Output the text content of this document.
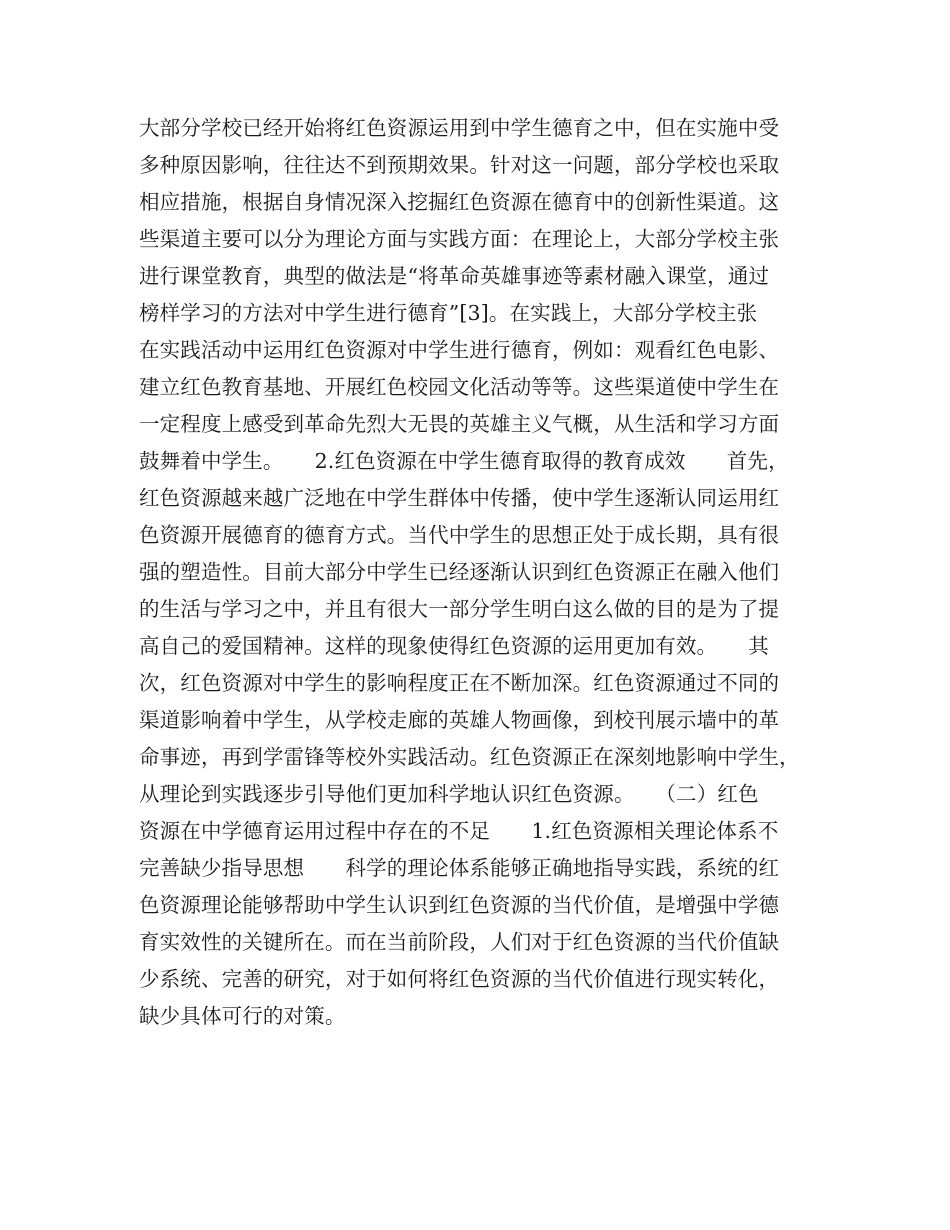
大部分学校已经开始将红色资源运用到中学生德育之中，但在实施中受
多种原因影响，往往达不到预期效果。针对这一问题，部分学校也采取
相应措施，根据自身情况深入挖掘红色资源在德育中的创新性渠道。这
些渠道主要可以分为理论方面与实践方面：在理论上，大部分学校主张
进行课堂教育，典型的做法是“将革命英雄事迹等素材融入课堂，通过
榜样学习的方法对中学生进行德育”[3]。在实践上，大部分学校主张
在实践活动中运用红色资源对中学生进行德育，例如：观看红色电影、
建立红色教育基地、开展红色校园文化活动等等。这些渠道使中学生在
一定程度上感受到革命先烈大无畏的英雄主义气概，从生活和学习方面
鼓舞着中学生。　　2.红色资源在中学生德育取得的教育成效　　首先，
红色资源越来越广泛地在中学生群体中传播，使中学生逐渐认同运用红
色资源开展德育的德育方式。当代中学生的思想正处于成长期，具有很
强的塑造性。目前大部分中学生已经逐渐认识到红色资源正在融入他们
的生活与学习之中，并且有很大一部分学生明白这么做的目的是为了提
高自己的爱国精神。这样的现象使得红色资源的运用更加有效。　　其
次，红色资源对中学生的影响程度正在不断加深。红色资源通过不同的
渠道影响着中学生，从学校走廊的英雄人物画像，到校刊展示墙中的革
命事迹，再到学雷锋等校外实践活动。红色资源正在深刻地影响中学生，
从理论到实践逐步引导他们更加科学地认识红色资源。　　（二）红色
资源在中学德育运用过程中存在的不足　　1.红色资源相关理论体系不
完善缺少指导思想　　科学的理论体系能够正确地指导实践，系统的红
色资源理论能够帮助中学生认识到红色资源的当代价值，是增强中学德
育实效性的关键所在。而在当前阶段，人们对于红色资源的当代价值缺
少系统、完善的研究，对于如何将红色资源的当代价值进行现实转化，
缺少具体可行的对策。
